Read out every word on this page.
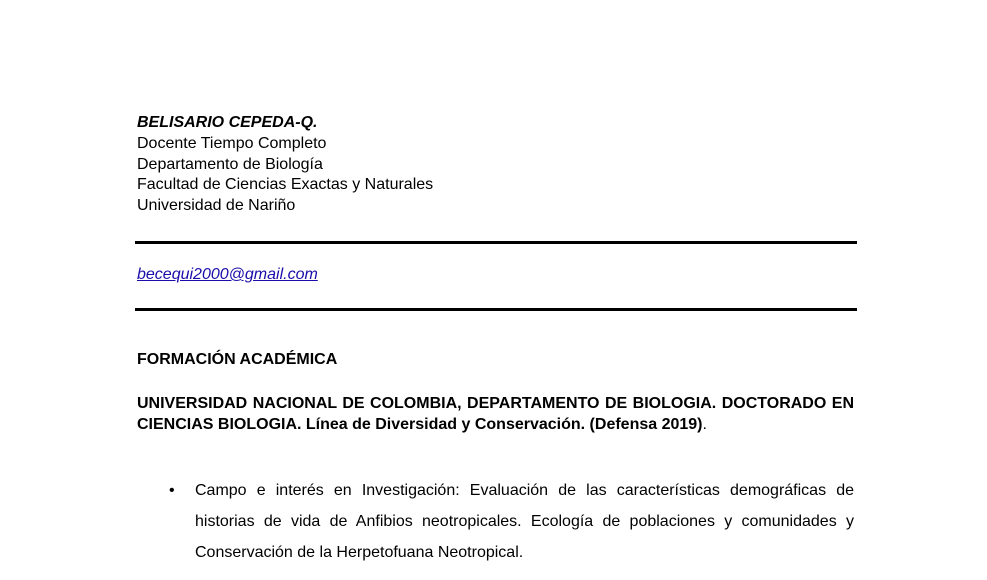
BELISARIO CEPEDA-Q.
Docente Tiempo Completo
Departamento de Biología
Facultad de Ciencias Exactas y Naturales
Universidad de Nariño
becequi2000@gmail.com
FORMACIÓN ACADÉMICA
UNIVERSIDAD NACIONAL DE COLOMBIA, DEPARTAMENTO DE BIOLOGIA. DOCTORADO EN CIENCIAS BIOLOGIA. Línea de Diversidad y Conservación. (Defensa 2019).
• Campo e interés en Investigación: Evaluación de las características demográficas de historias de vida de Anfibios neotropicales. Ecología de poblaciones y comunidades y Conservación de la Herpetofuana Neotropical.
